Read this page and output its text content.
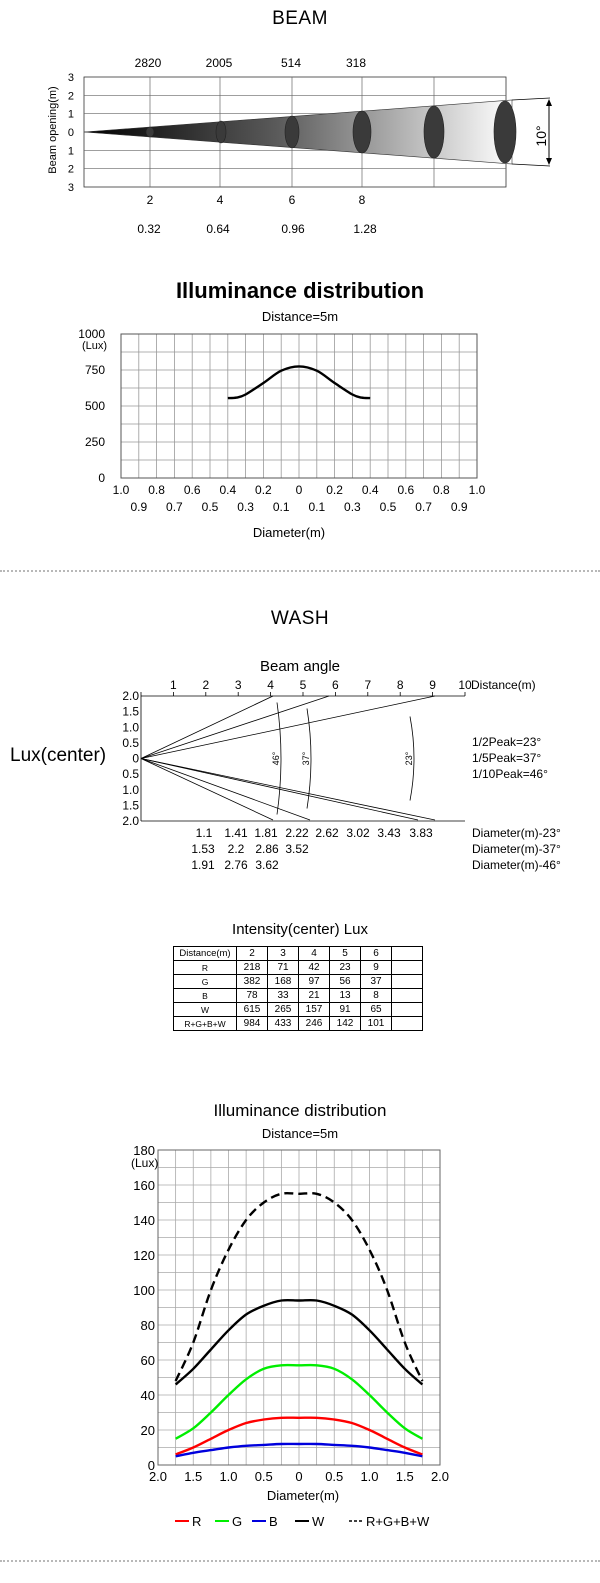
BEAM
Beam opening(m)
3
2
1
0
1
2
3
10°
2820	2005	514	318
2	4	6	8
0.32	0.64	0.96	1.28
Illuminance distribution
Distance=5m
1000
750
500
250
0
(Lux)
1.0 0.8 0.6 0.4 0.2 0 0.2 0.4 0.6 0.8 1.0
0.9 0.7 0.5 0.3 0.1 0.1 0.3 0.5 0.7 0.9
Diameter(m)
WASH
Beam angle
Lux(center)
1 2 3 4 5 6 7 8 9 10 Distance(m)
2.0
1.5
1.0
0.5
0
0.5
1.0
1.5
2.0
46° 37°	23°
1/2Peak=23°
1/5Peak=37°
1/10Peak=46°
1.1 1.41 1.81 2.22 2.62 3.02 3.43 3.83	Diameter(m)-23°
1.53 2.2 2.86 3.52	Diameter(m)-37°
1.91 2.76 3.62	Diameter(m)-46°
Intensity(center) Lux
Distance(m)	2	3	4	5	6	
R	218	71	42	23	9	
G	382	168	97	56	37	
B	78	33	21	13	8	
W	615	265	157	91	65	
R+G+B+W	984	433	246	142	101	
Illuminance distribution
Distance=5m
180
160
140
120
100
80
60
40
20
0
(Lux)
2.0 1.5 1.0 0.5 0 0.5 1.0 1.5 2.0
Diameter(m)
R G B	W	R+G+B+W
